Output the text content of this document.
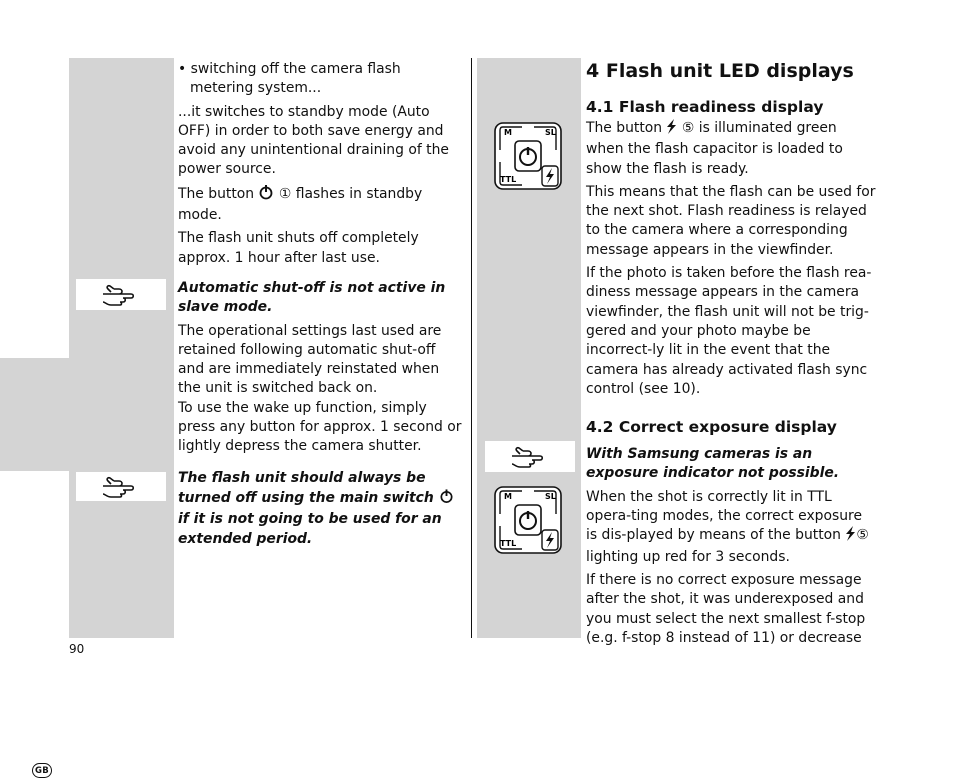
GB
M	SL
TTL
M	SL
TTL

• switching off the camera flash metering system...

...it switches to standby mode (Auto OFF) in order to both save energy and avoid any unintentional draining of the power source.

The button  ① flashes in standby mode.

The flash unit shuts off completely approx. 1 hour after last use.

Automatic shut-off is not active in slave mode.

The operational settings last used are retained following automatic shut-off and are immediately reinstated when the unit is switched back on.

To use the wake up function, simply press any button for approx. 1 second or lightly depress the camera shutter.

The flash unit should always be turned off using the main switch  if it is not going to be used for an extended period.

4 Flash unit LED displays

4.1 Flash readiness display

The button  ⑤ is illuminated green when the flash capacitor is loaded to show the flash is ready.

This means that the flash can be used for the next shot. Flash readiness is relayed to the camera where a corresponding message appears in the viewfinder.

If the photo is taken before the flash rea-diness message appears in the camera viewfinder, the flash unit will not be trig-gered and your photo maybe be incorrect-ly lit in the event that the camera has already activated flash sync control (see 10).

4.2 Correct exposure display

With Samsung cameras is an exposure indicator not possible.

When the shot is correctly lit in TTL opera-ting modes, the correct exposure is dis-played by means of the button ⑤ lighting up red for 3 seconds.

If there is no correct exposure message after the shot, it was underexposed and you must select the next smallest f-stop (e.g. f-stop 8 instead of 11) or decrease

90
